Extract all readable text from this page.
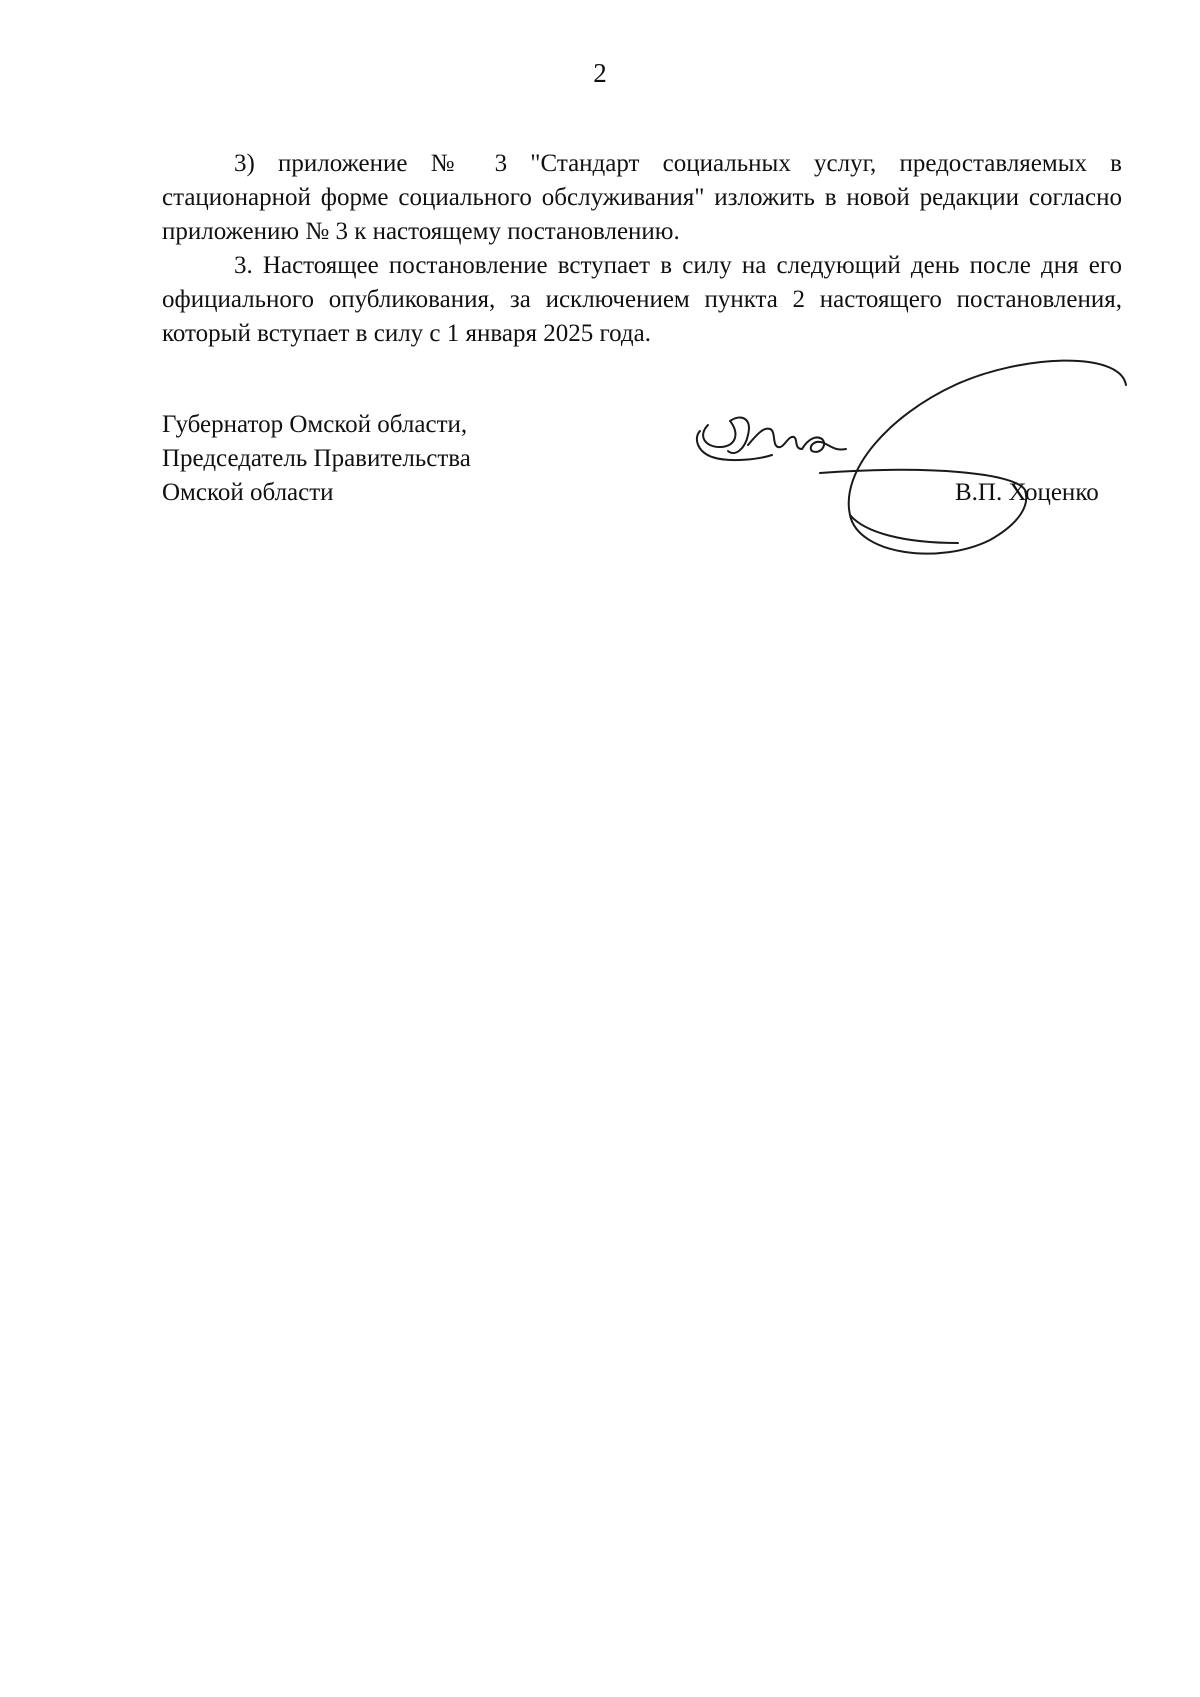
2

3) приложение № 3 "Стандарт социальных услуг, предоставляемых в стационарной форме социального обслуживания" изложить в новой редакции согласно приложению № 3 к настоящему постановлению.

3. Настоящее постановление вступает в силу на следующий день после дня его официального опубликования, за исключением пункта 2 настоящего постановления, который вступает в силу с 1 января 2025 года.

Губернатор Омской области,
Председатель Правительства
Омской области	В.П. Хоценко
